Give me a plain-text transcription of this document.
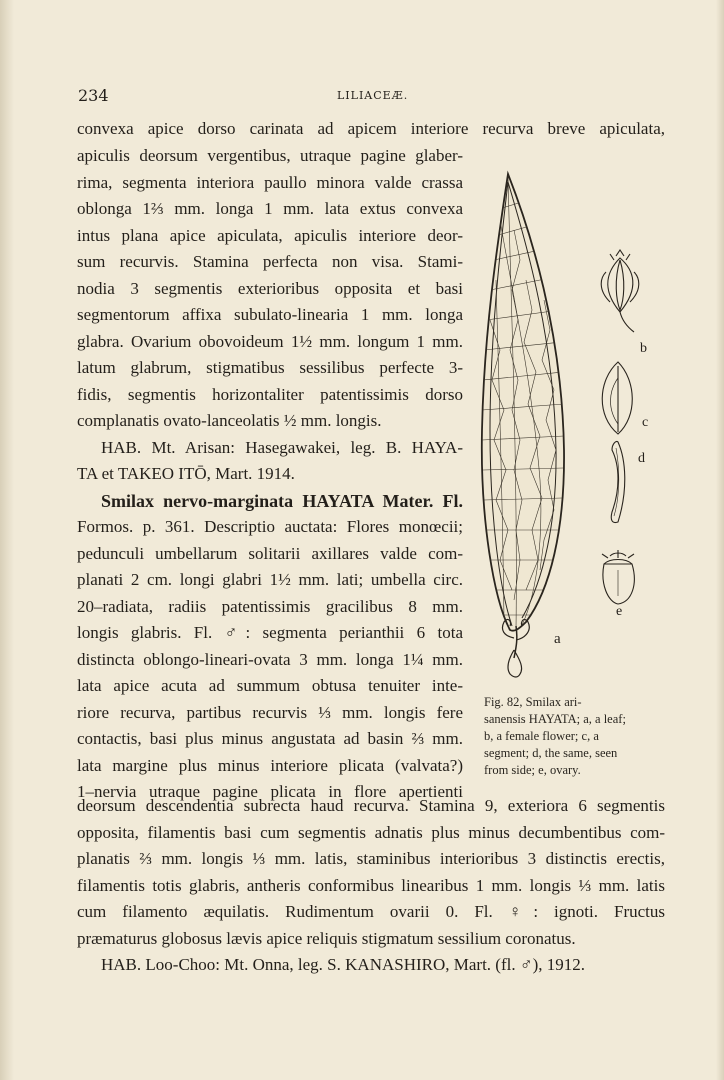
234	LILIACEÆ.
convexa apice dorso carinata ad apicem interiore recurva breve apiculata,
apiculis deorsum vergentibus, utraque pagine glaber-
rima, segmenta interiora paullo minora valde crassa
oblonga 1⅔ mm. longa 1 mm. lata extus convexa
intus plana apice apiculata, apiculis interiore deor-
sum recurvis. Stamina perfecta non visa. Stami-
nodia 3 segmentis exterioribus opposita et basi
segmentorum affixa subulato-linearia 1 mm. longa
glabra. Ovarium obovoideum 1½ mm. longum 1 mm.
latum glabrum, stigmatibus sessilibus perfecte 3-
fidis, segmentis horizontaliter patentissimis dorso
complanatis ovato-lanceolatis ½ mm. longis.
HAB. Mt. Arisan: Hasegawakei, leg. B. HAYA-
TA et TAKEO ITŌ, Mart. 1914.
Smilax nervo-marginata HAYATA Mater. Fl.
Formos. p. 361. Descriptio auctata: Flores monœcii;
pedunculi umbellarum solitarii axillares valde com-
planati 2 cm. longi glabri 1½ mm. lati; umbella circ.
20–radiata, radiis patentissimis gracilibus 8 mm.
longis glabris. Fl. ♂: segmenta perianthii 6 tota
distincta oblongo-lineari-ovata 3 mm. longa 1¼ mm.
lata apice acuta ad summum obtusa tenuiter inte-
riore recurva, partibus recurvis ⅓ mm. longis fere
contactis, basi plus minus angustata ad basin ⅔ mm.
lata margine plus minus interiore plicata (valvata?)
1–nervia utraque pagine plicata in flore apertienti
deorsum descendentia subrecta haud recurva. Stamina 9, exteriora 6 segmentis
opposita, filamentis basi cum segmentis adnatis plus minus decumbentibus com-
planatis ⅔ mm. longis ⅓ mm. latis, staminibus interioribus 3 distinctis erectis,
filamentis totis glabris, antheris conformibus linearibus 1 mm. longis ⅓ mm. latis
cum filamento æquilatis. Rudimentum ovarii 0. Fl. ♀: ignoti. Fructus
præmaturus globosus lævis apice reliquis stigmatum sessilium coronatus.
HAB. Loo-Choo: Mt. Onna, leg. S. KANASHIRO, Mart. (fl. ♂), 1912.
a
b
c
d
e
Fig. 82, Smilax ari-
sanensis HAYATA; a, a leaf;
b, a female flower; c, a
segment; d, the same, seen
from side; e, ovary.
